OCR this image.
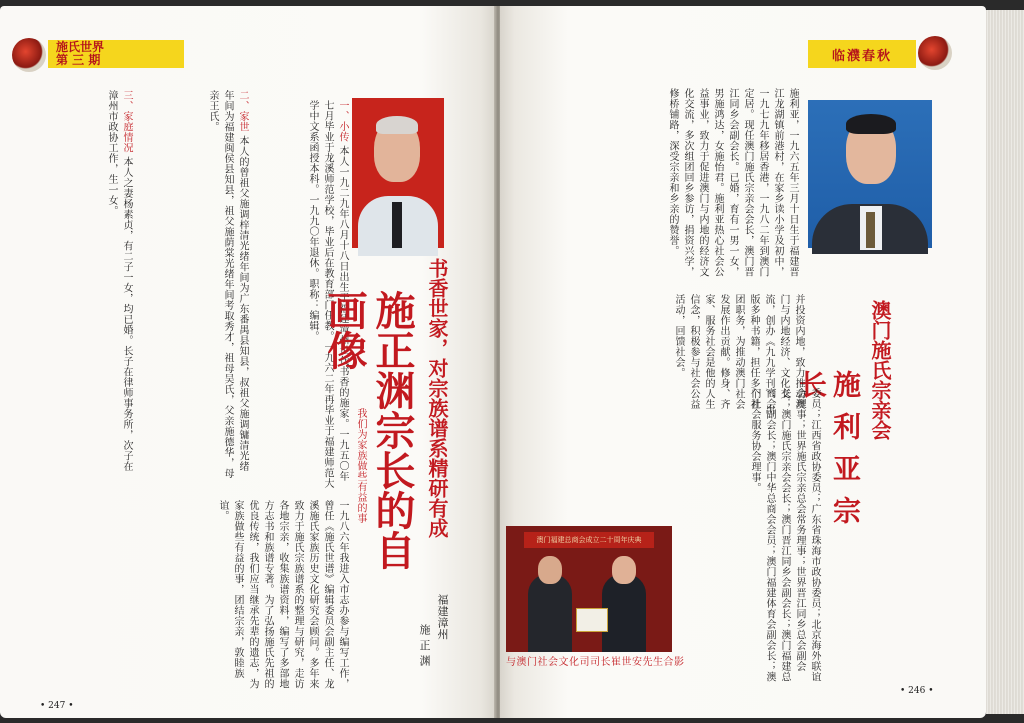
施氏世界
第 三 期
三、家庭情况 本人之妻杨素贞，有二子一女，均已婚。长子在律师事务所，次子在漳州市政协工作，生一女。	二、家世 本人的曾祖父施调梓清光绪年间为广东番禺县知县，叔祖父施调镛清光绪年间为福建闽侯县知县，祖父施荫棠光绪年间考取秀才，祖母吴氏，父亲施德华，母亲王氏。	一、小传 本人一九二九年八月十八日出生于福建漳州世代书香的施家。一九五〇年七月毕业于龙溪师范学校，毕业后在教育部门任教。一九六二年再毕业于福建师范大学中文系函授本科。一九九〇年退休。职称：编辑。
施正渊宗长的自画像	书香世家，对宗族谱系精研有成
我们为家族做些有益的事
福建漳州
施 正 渊
一九八六年我进入市志办参与编写工作，曾任《施氏世谱》编辑委员会副主任、龙溪施氏家族历史文化研究会顾问。多年来致力于施氏宗族谱系的整理与研究，走访各地宗亲，收集族谱资料，编写了多部地方志书和族谱专著。为了弘扬施氏先祖的优良传统，我们应当继承先辈的遗志，为家族做些有益的事，团结宗亲，敦睦族谊。
• 247 •
临濮春秋
施利亚，一九六五年三月十日生于福建晋江龙湖镇前港村，在家乡读小学及初中，一九七九年移居香港，一九八二年到澳门定居。现任澳门施氏宗亲会会长，澳门晋江同乡会副会长。已婚，育有一男一女，男施鸿达，女施怡君。施利亚热心社会公益事业，致力于促进澳门与内地的经济文化交流，多次组团回乡参访，捐资兴学，修桥铺路，深受宗亲和乡亲的赞誉。
澳门施氏宗亲会
施利亚宗长
委员；江西省政协委员；广东省珠海市政协委员；北京海外联谊会理事；世界施氏宗亲总会常务理事；世界晋江同乡总会副会长；澳门施氏宗亲会会长；澳门晋江同乡会副会长；澳门福建总商会副会长；澳门中华总商会会员；澳门福建体育会副会长；澳门社会服务协会理事。
并投资内地，致力推动澳门与内地经济、文化交流，创办《九九学刊》，出版多种书籍，担任多个社团职务，为推动澳门社会发展作出贡献。修身、齐家、服务社会是他的人生信念，积极参与社会公益活动，回馈社会。
澳门福建总商会成立二十周年庆典
与澳门社会文化司司长崔世安先生合影
• 246 •
